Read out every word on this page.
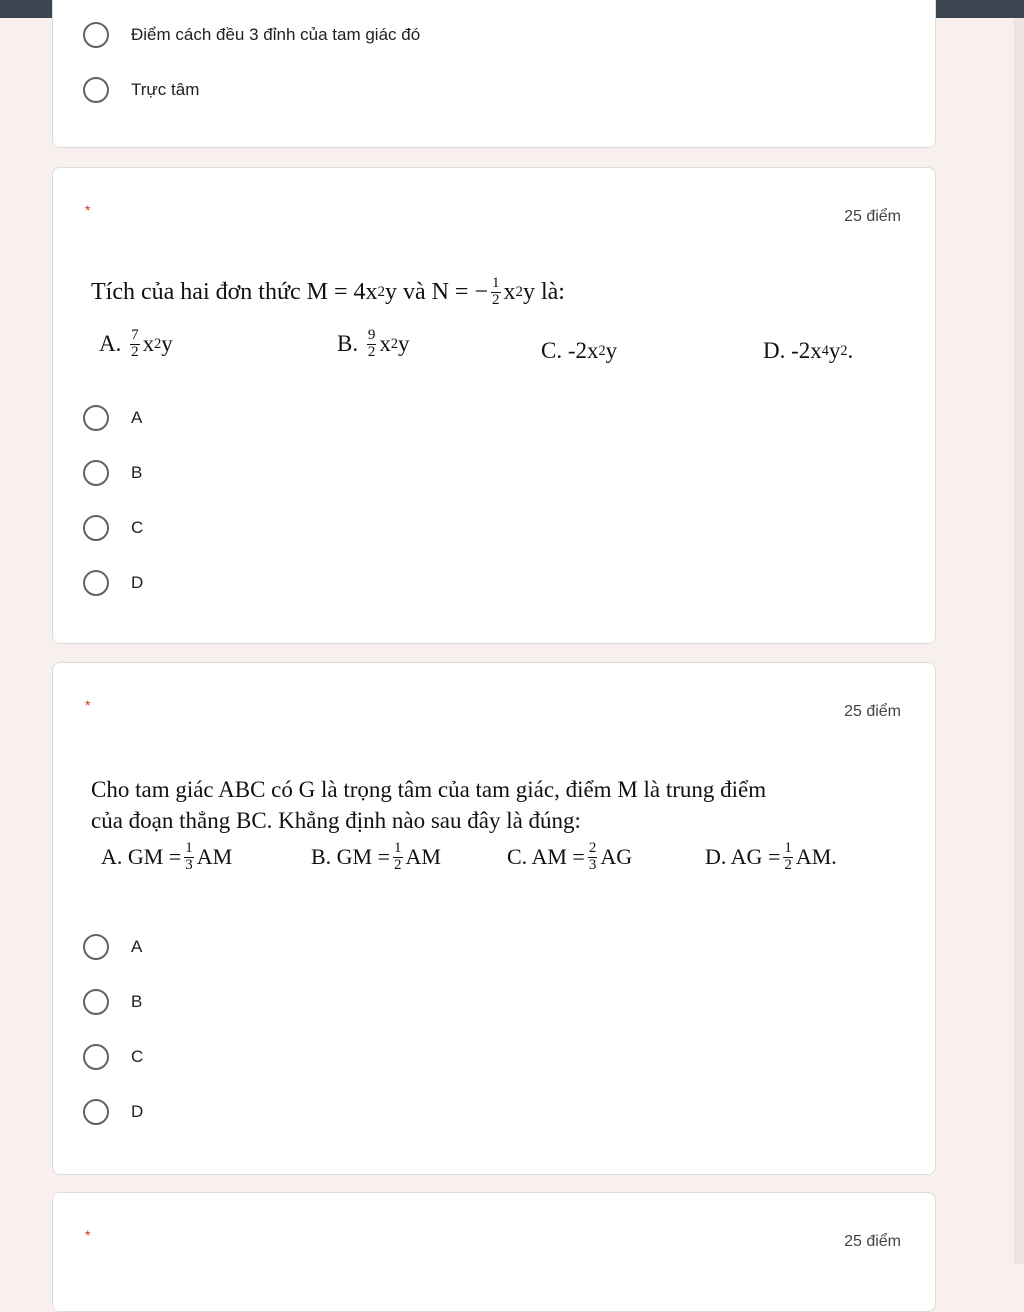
Điểm cách đều 3 đỉnh của tam giác đó
Trực tâm
*	25 điểm
Tích của hai đơn thức M = 4x 2 y và N = − $\frac{1}{2}$ x 2 y là:
A.
$\frac{7}{2}$ x 2 y	B.
$\frac{9}{2}$ x 2 y	C. -2x 2 y	D. -2x 4 y 2 .
A
B
C
D
*	25 điểm
Cho tam giác ABC có G là trọng tâm của tam giác, điểm M là trung điểm
của đoạn thẳng BC. Khẳng định nào sau đây là đúng:
A. GM = $\frac{1}{3}$ AM	B. GM = $\frac{1}{2}$ AM	C. AM = $\frac{2}{3}$ AG	D. AG = $\frac{1}{2}$ AM.
A
B
C
D
*	25 điểm
